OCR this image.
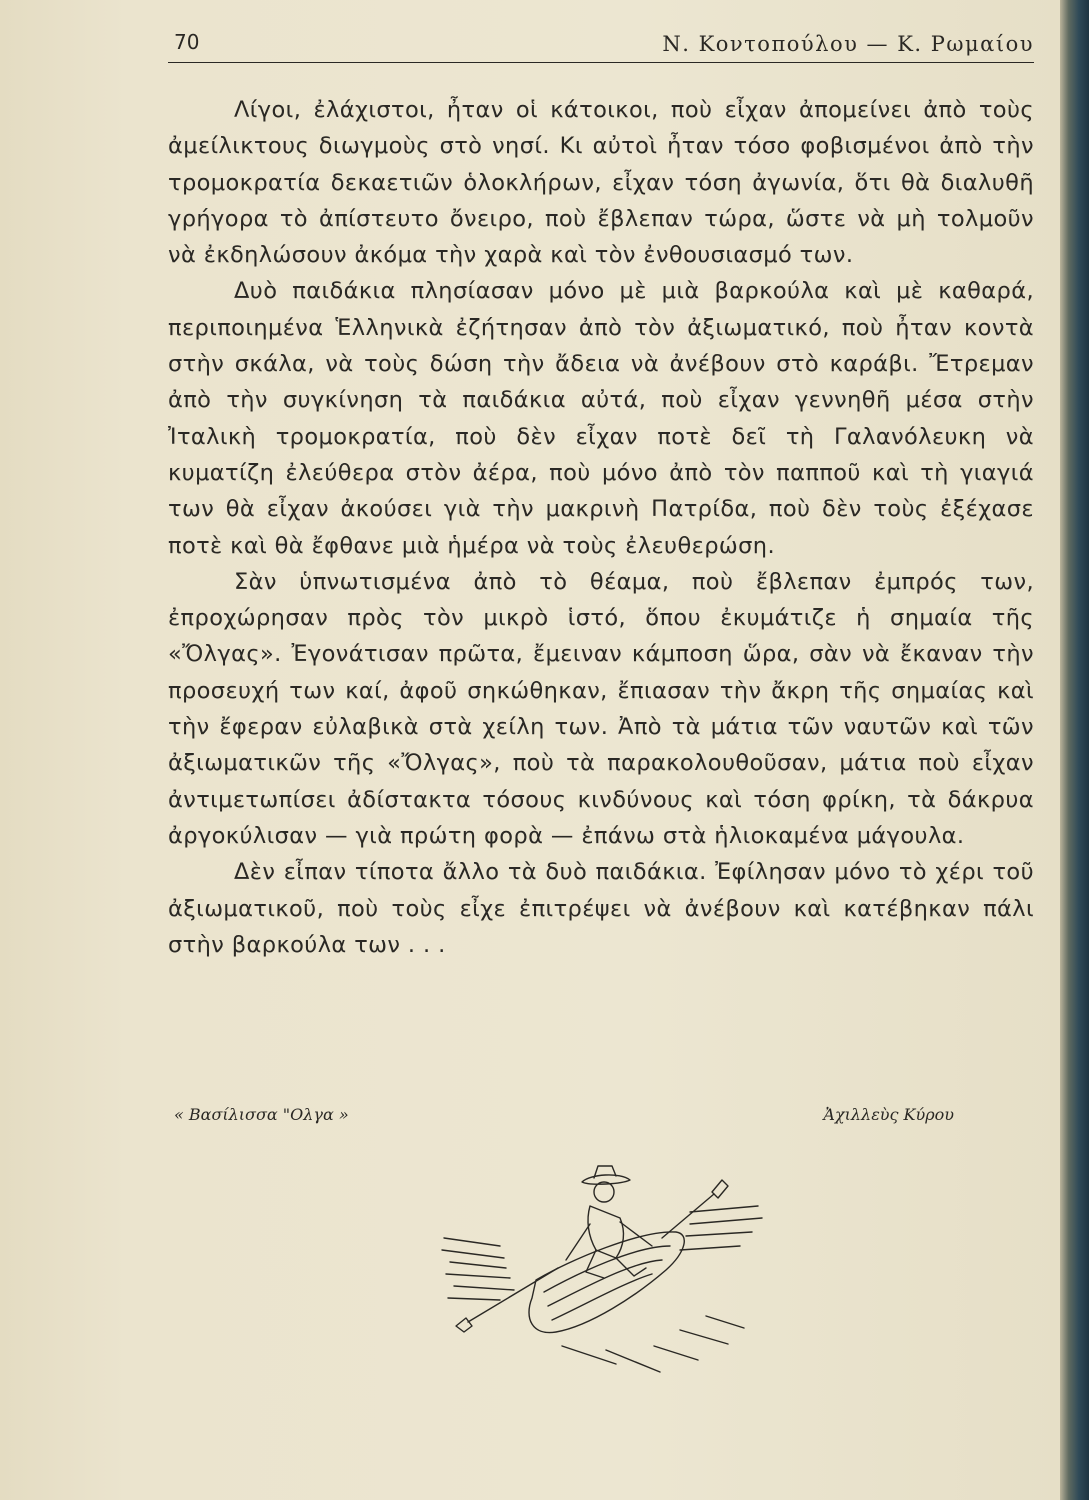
70	Ν. Κοντοπούλου — Κ. Ρωμαίου

Λίγοι, ἐλάχιστοι, ἦταν οἱ κάτοικοι, ποὺ εἶχαν ἀπομείνει ἀπὸ τοὺς ἀμείλικτους διωγμοὺς στὸ νησί. Κι αὐτοὶ ἦταν τόσο φοβισμένοι ἀπὸ τὴν τρομοκρατία δεκαετιῶν ὁλοκλήρων, εἶχαν τόση ἀγωνία, ὅτι θὰ διαλυθῆ γρήγορα τὸ ἀπίστευτο ὄνειρο, ποὺ ἔβλεπαν τώρα, ὥστε νὰ μὴ τολμοῦν νὰ ἐκδηλώσουν ἀκόμα τὴν χαρὰ καὶ τὸν ἐνθουσιασμό των.

Δυὸ παιδάκια πλησίασαν μόνο μὲ μιὰ βαρκούλα καὶ μὲ καθαρά, περιποιημένα Ἑλληνικὰ ἐζήτησαν ἀπὸ τὸν ἀξιωματικό, ποὺ ἦταν κοντὰ στὴν σκάλα, νὰ τοὺς δώση τὴν ἄδεια νὰ ἀνέβουν στὸ καράβι. Ἔτρεμαν ἀπὸ τὴν συγκίνηση τὰ παιδάκια αὐτά, ποὺ εἶχαν γεννηθῆ μέσα στὴν Ἰταλικὴ τρομοκρατία, ποὺ δὲν εἶχαν ποτὲ δεῖ τὴ Γαλανόλευκη νὰ κυματίζη ἐλεύθερα στὸν ἀέρα, ποὺ μόνο ἀπὸ τὸν παπποῦ καὶ τὴ γιαγιά των θὰ εἶχαν ἀκούσει γιὰ τὴν μακρινὴ Πατρίδα, ποὺ δὲν τοὺς ἐξέχασε ποτὲ καὶ θὰ ἔφθανε μιὰ ἡμέρα νὰ τοὺς ἐλευθερώση.

Σὰν ὑπνωτισμένα ἀπὸ τὸ θέαμα, ποὺ ἔβλεπαν ἐμπρός των, ἐπροχώρησαν πρὸς τὸν μικρὸ ἱστό, ὅπου ἐκυμάτιζε ἡ σημαία τῆς «Ὄλγας». Ἐγονάτισαν πρῶτα, ἔμειναν κάμποση ὥρα, σὰν νὰ ἔκαναν τὴν προσευχή των καί, ἀφοῦ σηκώθηκαν, ἔπιασαν τὴν ἄκρη τῆς σημαίας καὶ τὴν ἔφεραν εὐλαβικὰ στὰ χείλη των. Ἀπὸ τὰ μάτια τῶν ναυτῶν καὶ τῶν ἀξιωματικῶν τῆς «Ὄλγας», ποὺ τὰ παρακολουθοῦσαν, μάτια ποὺ εἶχαν ἀντιμετωπίσει ἀδίστακτα τόσους κινδύνους καὶ τόση φρίκη, τὰ δάκρυα ἀργοκύλισαν — γιὰ πρώτη φορὰ — ἐπάνω στὰ ἡλιοκαμένα μάγουλα.

Δὲν εἶπαν τίποτα ἄλλο τὰ δυὸ παιδάκια. Ἐφίλησαν μόνο τὸ χέρι τοῦ ἀξιωματικοῦ, ποὺ τοὺς εἶχε ἐπιτρέψει νὰ ἀνέβουν καὶ κατέβηκαν πάλι στὴν βαρκούλα των . . .

« Βασίλισσα "Ολγα »	Ἀχιλλεὺς Κύρου
